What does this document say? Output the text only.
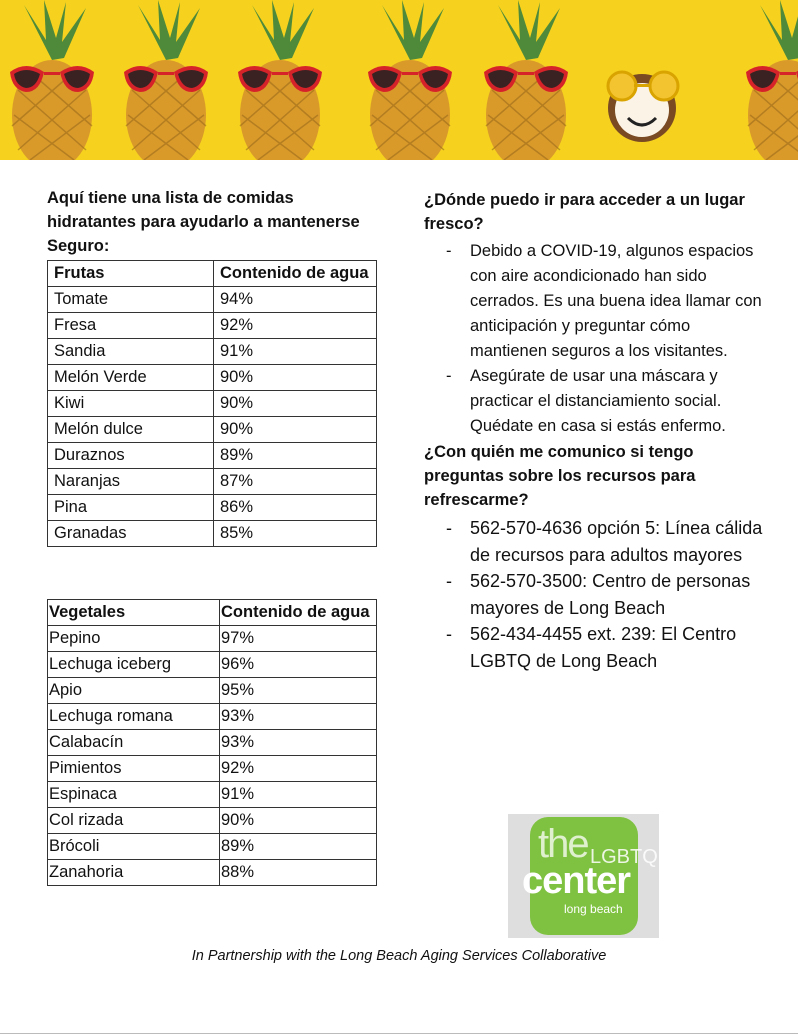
Aquí tiene una lista de comidas hidratantes para ayudarlo a mantenerse Seguro:

Frutas	Contenido de agua
Tomate	94%
Fresa	92%
Sandia	91%
Melón Verde	90%
Kiwi	90%
Melón dulce	90%
Duraznos	89%
Naranjas	87%
Pina	86%
Granadas	85%
Vegetales	Contenido de agua
Pepino	97%
Lechuga iceberg	96%
Apio	95%
Lechuga romana	93%
Calabacín	93%
Pimientos	92%
Espinaca	91%
Col rizada	90%
Brócoli	89%
Zanahoria	88%

¿Dónde puedo ir para acceder a un lugar fresco?

- Debido a COVID-19, algunos espacios con aire acondicionado han sido cerrados. Es una buena idea llamar con anticipación y preguntar cómo mantienen seguros a los visitantes.
- Asegúrate de usar una máscara y practicar el distanciamiento social. Quédate en casa si estás enfermo.

¿Con quién me comunico si tengo preguntas sobre los recursos para refrescarme?

- 562-570-4636 opción 5: Línea cálida de recursos para adultos mayores
- 562-570-3500: Centro de personas mayores de Long Beach
- 562-434-4455 ext. 239: El Centro LGBTQ de Long Beach
the LGBTQ
center
long beach
In Partnership with the Long Beach Aging Services Collaborative
